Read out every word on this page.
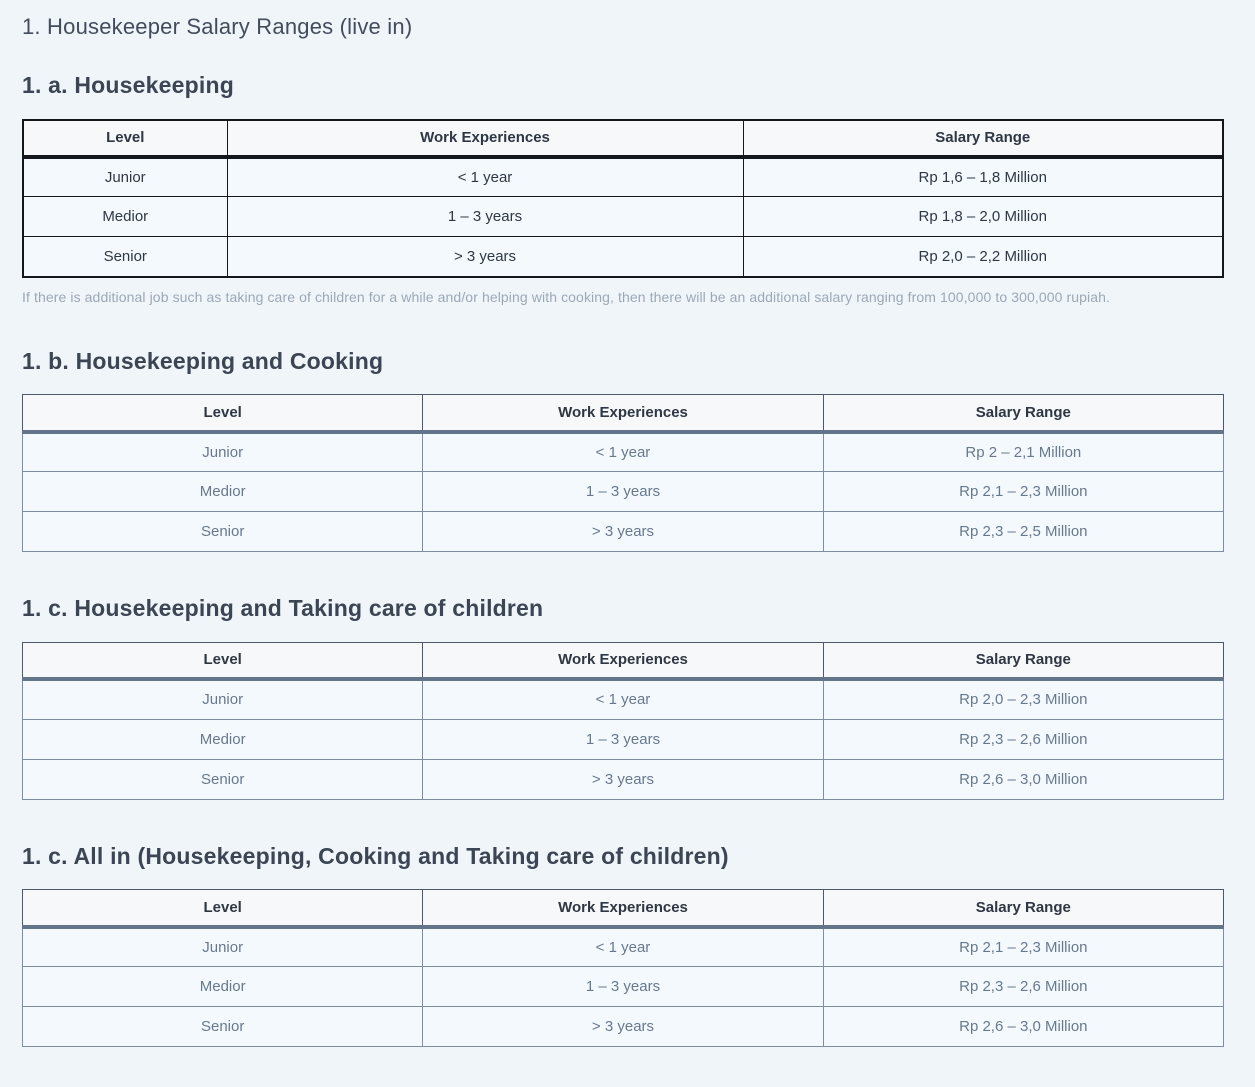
1. Housekeeper Salary Ranges (live in)
1. a. Housekeeping
Level	Work Experiences	Salary Range
Junior	< 1 year	Rp 1,6 – 1,8 Million
Medior	1 – 3 years	Rp 1,8 – 2,0 Million
Senior	> 3 years	Rp 2,0 – 2,2 Million

If there is additional job such as taking care of children for a while and/or helping with cooking, then there will be an additional salary ranging from 100,000 to 300,000 rupiah.

1. b. Housekeeping and Cooking
Level	Work Experiences	Salary Range
Junior	< 1 year	Rp 2 – 2,1 Million
Medior	1 – 3 years	Rp 2,1 – 2,3 Million
Senior	> 3 years	Rp 2,3 – 2,5 Million
1. c. Housekeeping and Taking care of children
Level	Work Experiences	Salary Range
Junior	< 1 year	Rp 2,0 – 2,3 Million
Medior	1 – 3 years	Rp 2,3 – 2,6 Million
Senior	> 3 years	Rp 2,6 – 3,0 Million
1. c. All in (Housekeeping, Cooking and Taking care of children)
Level	Work Experiences	Salary Range
Junior	< 1 year	Rp 2,1 – 2,3 Million
Medior	1 – 3 years	Rp 2,3 – 2,6 Million
Senior	> 3 years	Rp 2,6 – 3,0 Million
